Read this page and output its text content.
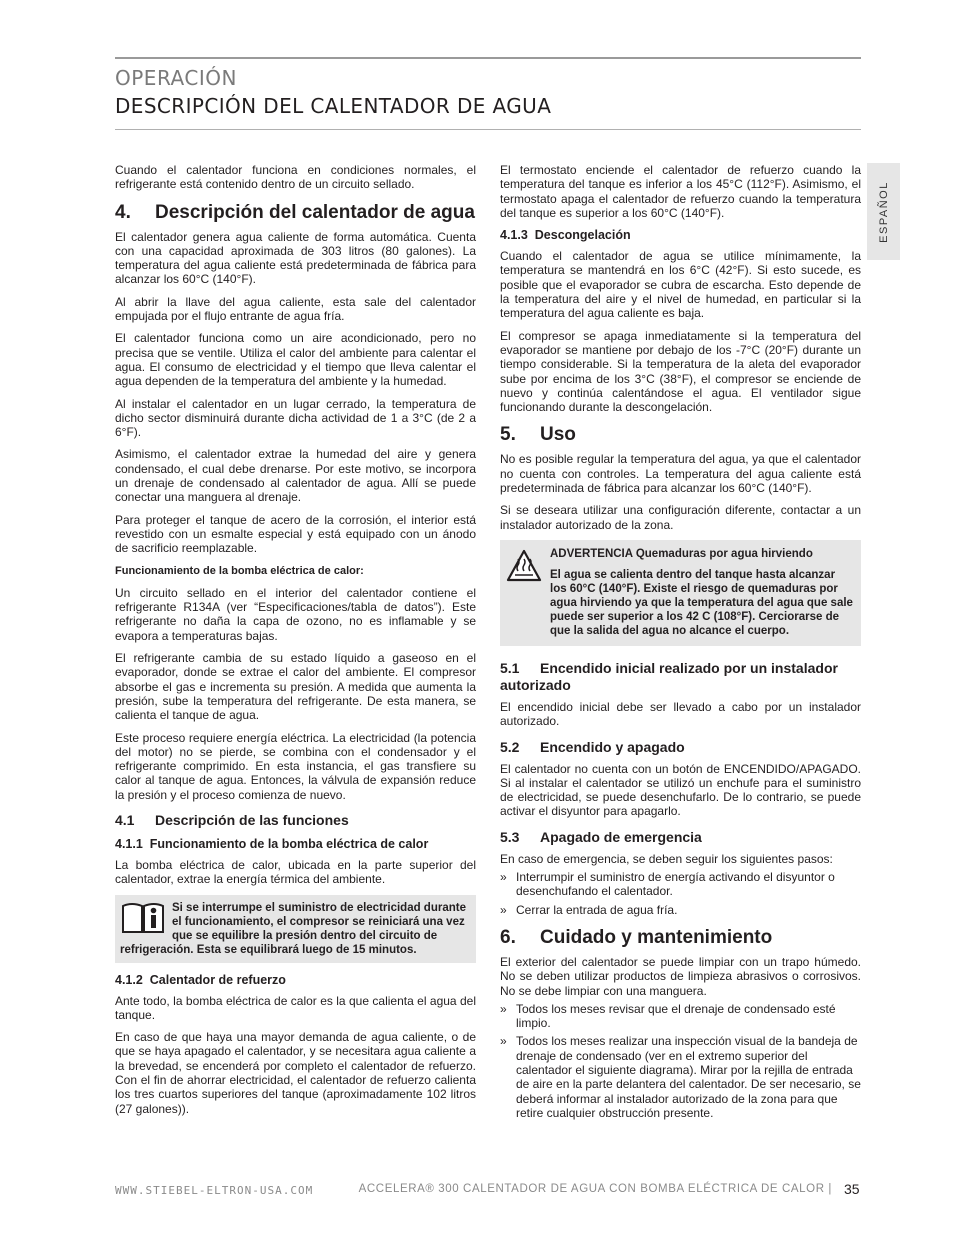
OPERACIÓN
DESCRIPCIÓN DEL CALENTADOR DE AGUA
ESPAÑOL

Cuando el calentador funciona en condiciones normales, el refrigerante está contenido dentro de un circuito sellado.

4. Descripción del calentador de agua

El calentador genera agua caliente de forma automática. Cuenta con una capacidad aproximada de 303 litros (80 galones). La temperatura del agua caliente está predeterminada de fábrica para alcanzar los 60°C (140°F).

Al abrir la llave del agua caliente, esta sale del calentador empujada por el flujo entrante de agua fría.

El calentador funciona como un aire acondicionado, pero no precisa que se ventile. Utiliza el calor del ambiente para calentar el agua. El consumo de electricidad y el tiempo que lleva calentar el agua dependen de la temperatura del ambiente y la humedad.

Al instalar el calentador en un lugar cerrado, la temperatura de dicho sector disminuirá durante dicha actividad de 1 a 3°C (de 2 a 6°F).

Asimismo, el calentador extrae la humedad del aire y genera condensado, el cual debe drenarse. Por este motivo, se incorpora un drenaje de condensado al calentador de agua. Allí se puede conectar una manguera al drenaje.

Para proteger el tanque de acero de la corrosión, el interior está revestido con un esmalte especial y está equipado con un ánodo de sacrificio reemplazable.

Funcionamiento de la bomba eléctrica de calor:

Un circuito sellado en el interior del calentador contiene el refrigerante R134A (ver “Especificaciones/tabla de datos”). Este refrigerante no daña la capa de ozono, no es inflamable y se evapora a temperaturas bajas.

El refrigerante cambia de su estado líquido a gaseoso en el evaporador, donde se extrae el calor del ambiente. El compresor absorbe el gas e incrementa su presión. A medida que aumenta la presión, sube la temperatura del refrigerante. De esta manera, se calienta el tanque de agua.

Este proceso requiere energía eléctrica. La electricidad (la potencia del motor) no se pierde, se combina con el condensador y el refrigerante comprimido. En esta instancia, el gas transfiere su calor al tanque de agua. Entonces, la válvula de expansión reduce la presión y el proceso comienza de nuevo.

4.1 Descripción de las funciones
4.1.1 Funcionamiento de la bomba eléctrica de calor

La bomba eléctrica de calor, ubicada en la parte superior del calentador, extrae la energía térmica del ambiente.

Si se interrumpe el suministro de electricidad durante el funcionamiento, el compresor se reiniciará una vez que se equilibre la presión dentro del circuito de refrigeración. Esta se equilibrará luego de 15 minutos.

4.1.2 Calentador de refuerzo

Ante todo, la bomba eléctrica de calor es la que calienta el agua del tanque.

En caso de que haya una mayor demanda de agua caliente, o de que se haya apagado el calentador, y se necesitara agua caliente a la brevedad, se encenderá por completo el calentador de refuerzo. Con el fin de ahorrar electricidad, el calentador de refuerzo calienta los tres cuartos superiores del tanque (aproximadamente 102 litros (27 galones)).

El termostato enciende el calentador de refuerzo cuando la temperatura del tanque es inferior a los 45°C (112°F). Asimismo, el termostato apaga el calentador de refuerzo cuando la temperatura del tanque es superior a los 60°C (140°F).

4.1.3 Descongelación

Cuando el calentador de agua se utilice mínimamente, la temperatura se mantendrá en los 6°C (42°F). Si esto sucede, es posible que el evaporador se cubra de escarcha. Esto depende de la temperatura del aire y el nivel de humedad, en particular si la temperatura del agua caliente es baja.

El compresor se apaga inmediatamente si la temperatura del evaporador se mantiene por debajo de los -7°C (20°F) durante un tiempo considerable. Si la temperatura de la aleta del evaporador sube por encima de los 3°C (38°F), el compresor se enciende de nuevo y continúa calentándose el agua. El ventilador sigue funcionando durante la descongelación.

5. Uso

No es posible regular la temperatura del agua, ya que el calentador no cuenta con controles. La temperatura del agua caliente está predeterminada de fábrica para alcanzar los 60°C (140°F).

Si se deseara utilizar una configuración diferente, contactar a un instalador autorizado de la zona.

ADVERTENCIA Quemaduras por agua hirviendo
El agua se calienta dentro del tanque hasta alcanzar los 60°C (140°F). Existe el riesgo de quemaduras por agua hirviendo ya que la temperatura del agua que sale puede ser superior a los 42 C (108°F). Cerciorarse de que la salida del agua no alcance el cuerpo.
5.1 Encendido inicial realizado por un instalador autorizado

El encendido inicial debe ser llevado a cabo por un instalador autorizado.

5.2 Encendido y apagado

El calentador no cuenta con un botón de ENCENDIDO/APAGADO. Si al instalar el calentador se utilizó un enchufe para el suministro de electricidad, se puede desenchufarlo. De lo contrario, se puede activar el disyuntor para apagarlo.

5.3 Apagado de emergencia

En caso de emergencia, se deben seguir los siguientes pasos:

» Interrumpir el suministro de energía activando el disyuntor o desenchufando el calentador.
» Cerrar la entrada de agua fría.
6. Cuidado y mantenimiento

El exterior del calentador se puede limpiar con un trapo húmedo. No se deben utilizar productos de limpieza abrasivos o corrosivos. No se debe limpiar con una manguera.

» Todos los meses revisar que el drenaje de condensado esté limpio.
» Todos los meses realizar una inspección visual de la bandeja de drenaje de condensado (ver en el extremo superior del calentador el siguiente diagrama). Mirar por la rejilla de entrada de aire en la parte delantera del calentador. De ser necesario, se deberá informar al instalador autorizado de la zona para que retire cualquier obstrucción presente.
WWW.STIEBEL-ELTRON-USA.COM	ACCELERA® 300 CALENTADOR DE AGUA CON BOMBA ELÉCTRICA DE CALOR | 35
